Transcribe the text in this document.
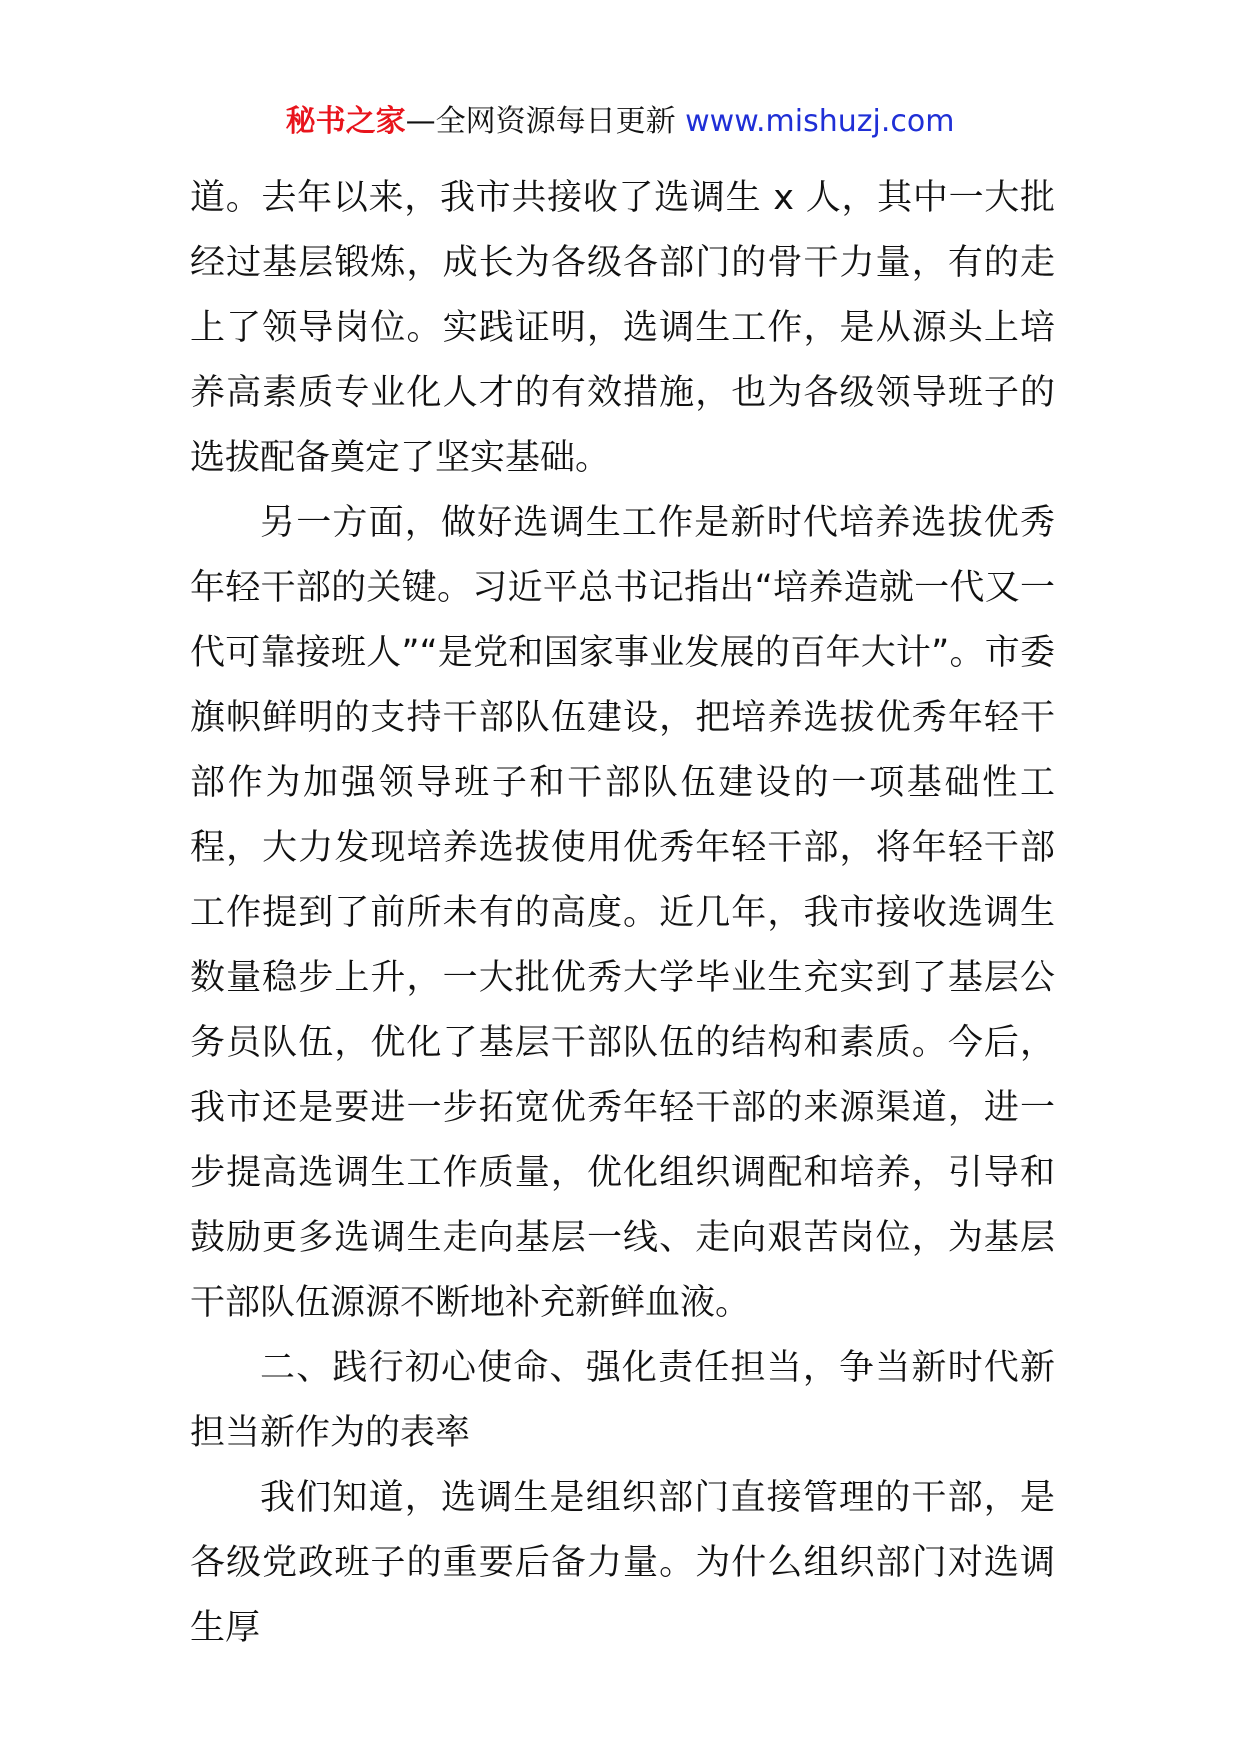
秘书之家—全网资源每日更新 www.mishuzj.com

道。去年以来，我市共接收了选调生 x 人，其中一大批经过基层锻炼，成长为各级各部门的骨干力量，有的走上了领导岗位。实践证明，选调生工作，是从源头上培养高素质专业化人才的有效措施，也为各级领导班子的选拔配备奠定了坚实基础。

另一方面，做好选调生工作是新时代培养选拔优秀年轻干部的关键。习近平总书记指出“培养造就一代又一代可靠接班人”“是党和国家事业发展的百年大计”。市委旗帜鲜明的支持干部队伍建设，把培养选拔优秀年轻干部作为加强领导班子和干部队伍建设的一项基础性工程，大力发现培养选拔使用优秀年轻干部，将年轻干部工作提到了前所未有的高度。近几年，我市接收选调生数量稳步上升，一大批优秀大学毕业生充实到了基层公务员队伍，优化了基层干部队伍的结构和素质。今后，我市还是要进一步拓宽优秀年轻干部的来源渠道，进一步提高选调生工作质量，优化组织调配和培养，引导和鼓励更多选调生走向基层一线、走向艰苦岗位，为基层干部队伍源源不断地补充新鲜血液。

二、践行初心使命、强化责任担当，争当新时代新担当新作为的表率

我们知道，选调生是组织部门直接管理的干部，是各级党政班子的重要后备力量。为什么组织部门对选调生厚
